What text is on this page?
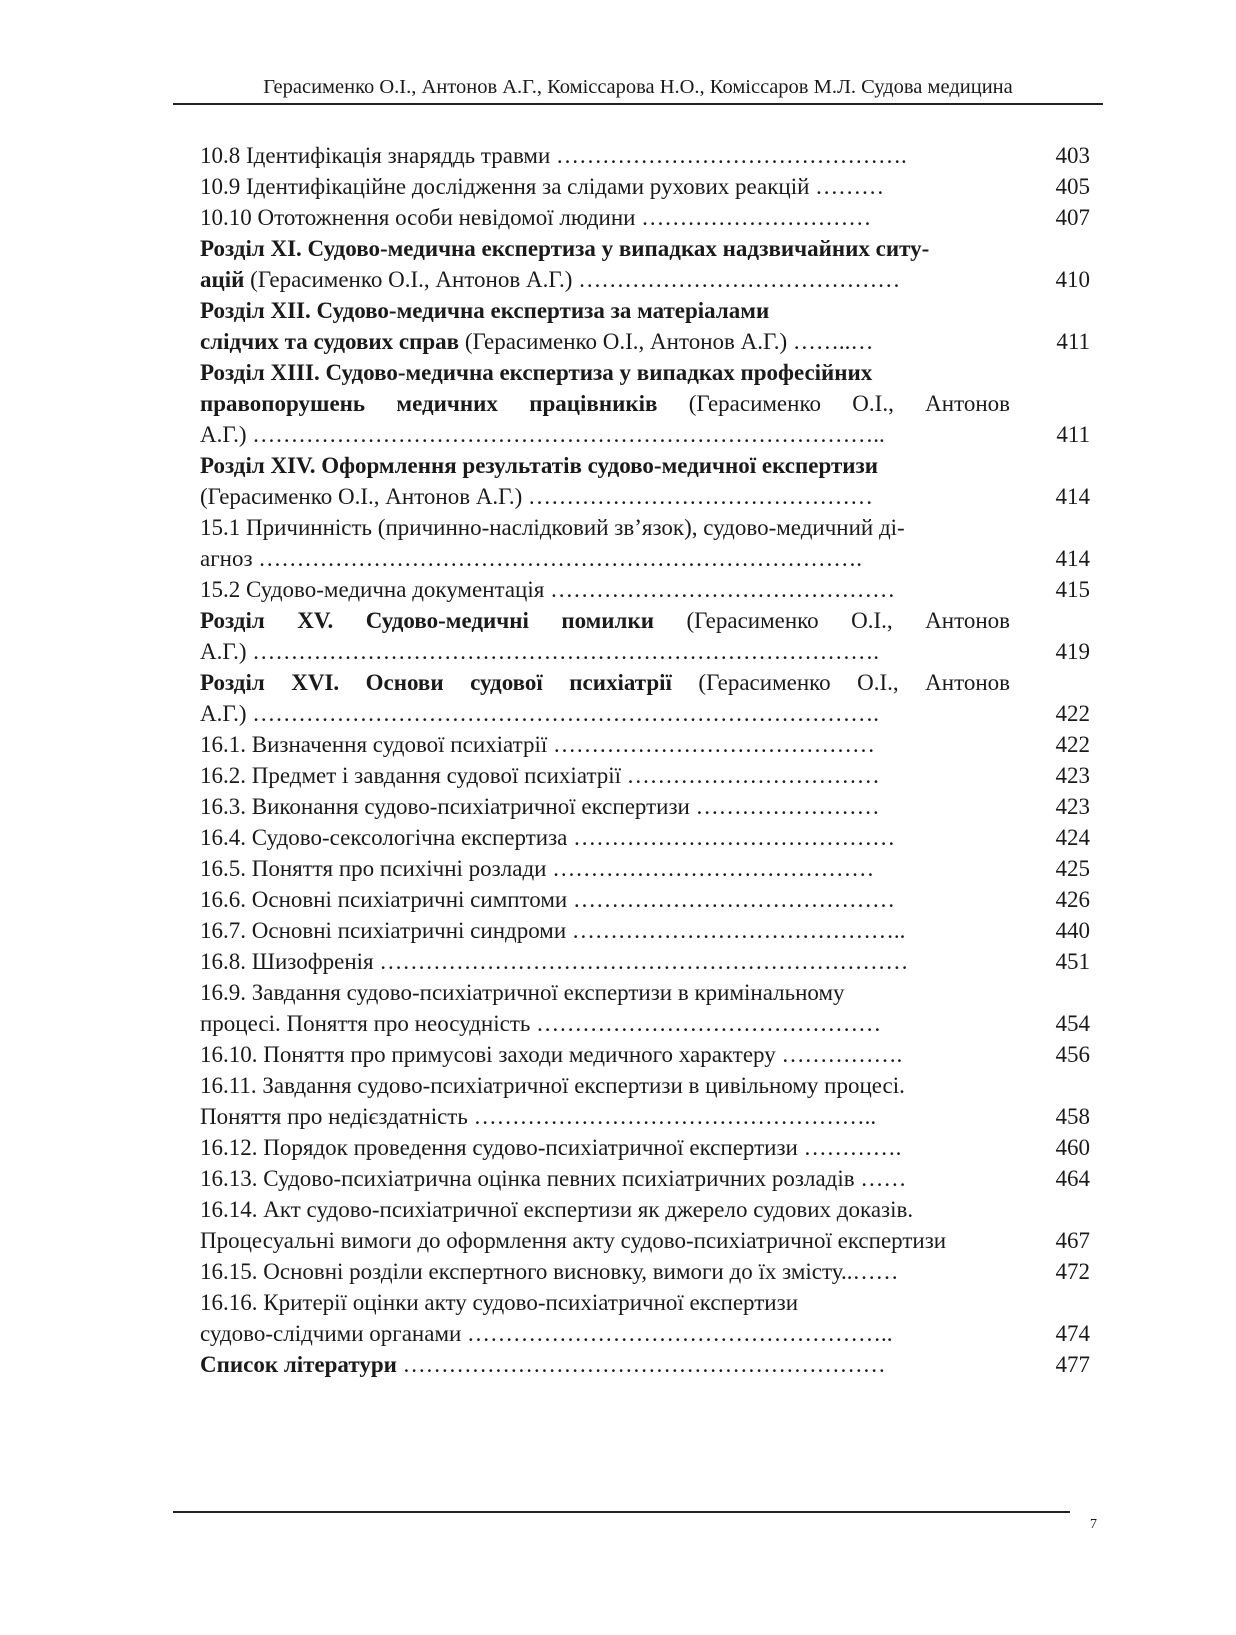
Герасименко О.І., Антонов А.Г., Комісcарова Н.О., Комісcаров М.Л. Судова медицина
10.8 Ідентифікація знаряддь травми ……………………………………….	403
10.9 Ідентифікаційне дослідження за слідами рухових реакцій ………	405
10.10 Ототожнення особи невідомої людини …………………………	407
Розділ XI. Судово-медична експертиза у випадках надзвичайних ситу-
ацій (Герасименко О.І., Антонов А.Г.) ……………………………………	410
Розділ XII. Судово-медична експертиза за матеріалами
слідчих та судових справ (Герасименко О.І., Антонов А.Г.) ……..…	411
Розділ XIII. Судово-медична експертиза у випадках професійних
правопорушень медичних працівників (Герасименко О.І., Антонов
А.Г.) ………………………………………………………………………..	411
Розділ XIV. Оформлення результатів судово-медичної експертизи
(Герасименко О.І., Антонов А.Г.) ………………………………………	414
15.1 Причинність (причинно-наслідковий зв’язок), судово-медичний ді-
агноз …………………………………………………………………….	414
15.2 Судово-медична документація ………………………………………	415
Розділ XV. Судово-медичні помилки (Герасименко О.І., Антонов
А.Г.) ……………………………………………………………………….	419
Розділ XVI. Основи судової психіатрії (Герасименко О.І., Антонов
А.Г.) ……………………………………………………………………….	422
16.1. Визначення судової психіатрії ……………………………………	422
16.2. Предмет і завдання судової психіатрії ……………………………	423
16.3. Виконання судово-психіатричної експертизи ……………………	423
16.4. Судово-сексологічна експертиза ……………………………………	424
16.5. Поняття про психічні розлади ……………………………………	425
16.6. Основні психіатричні симптоми ……………………………………	426
16.7. Основні психіатричні синдроми ……………………………………..	440
16.8. Шизофренія ……………………………………………………………	451
16.9. Завдання судово-психіатричної експертизи в кримінальному
процесі. Поняття про неосудність ………………………………………	454
16.10. Поняття про примусові заходи медичного характеру …………….	456
16.11. Завдання судово-психіатричної експертизи в цивільному процесі.
Поняття про недієздатність ……………………………………………..	458
16.12. Порядок проведення судово-психіатричної експертизи ………….	460
16.13. Судово-психіатрична оцінка певних психіатричних розладів ……	464
16.14. Акт судово-психіатричної експертизи як джерело судових доказів.
Процесуальні вимоги до оформлення акту судово-психіатричної експертизи	467
16.15. Основні розділи експертного висновку, вимоги до їх змісту..……	472
16.16. Критерії оцінки акту судово-психіатричної експертизи
судово-слідчими органами ………………………………………………..	474
Список літератури ………………………………………………………	477
7
